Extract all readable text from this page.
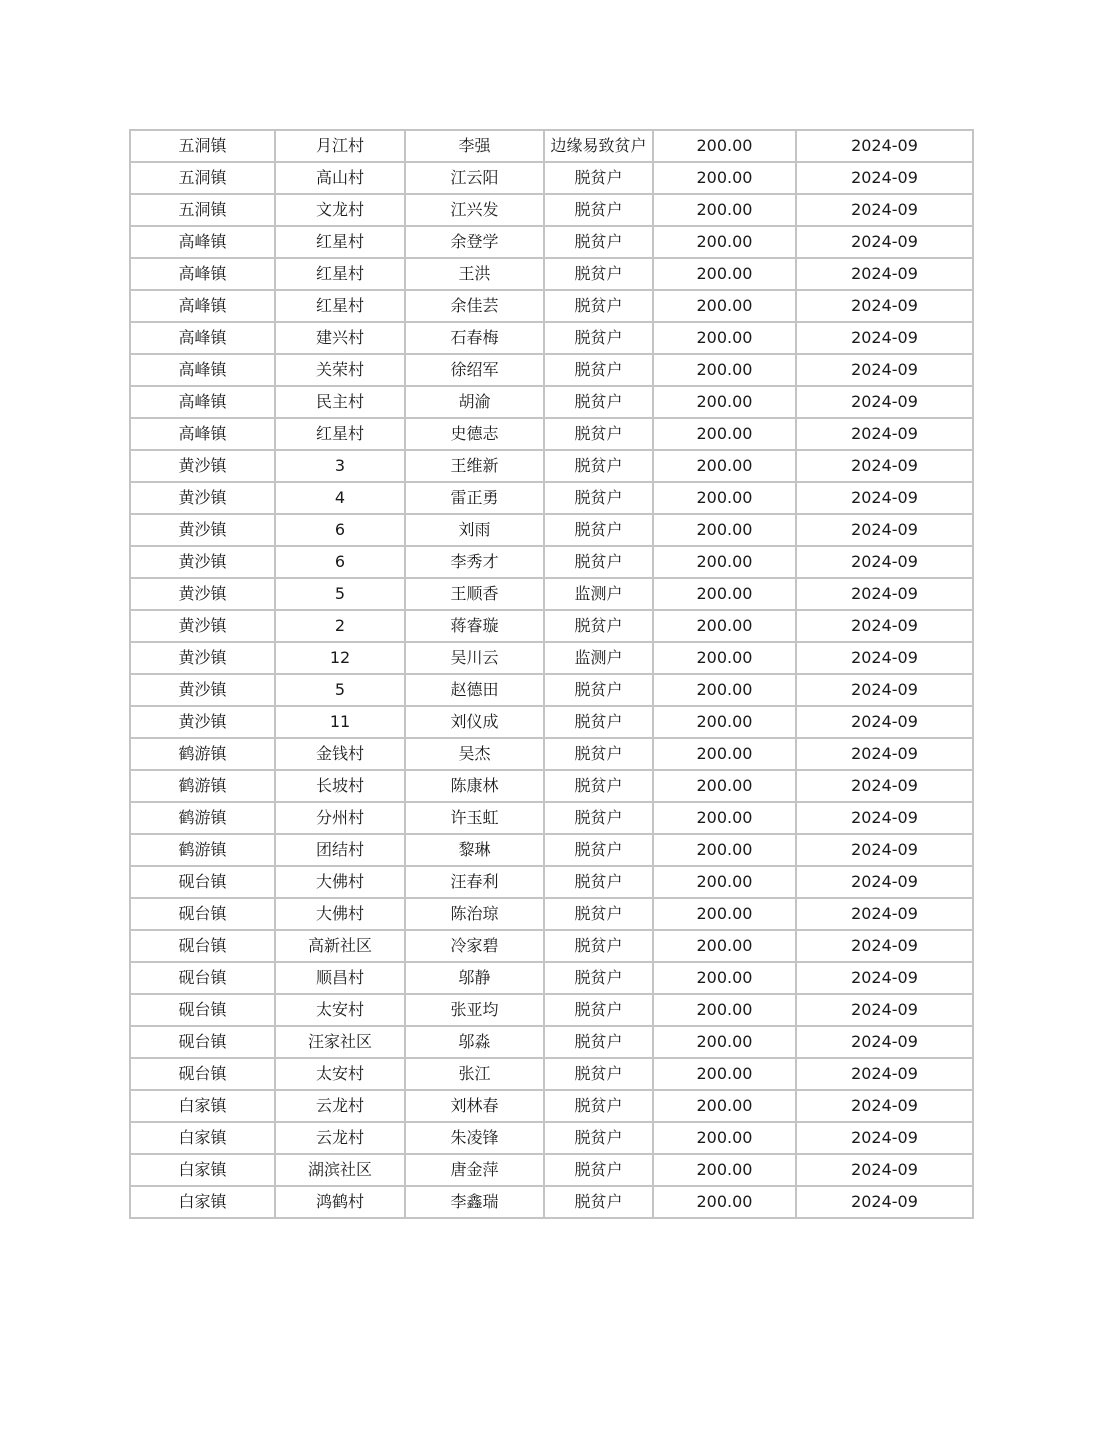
五洞镇	月江村	李强	边缘易致贫户	200.00	2024-09
五洞镇	高山村	江云阳	脱贫户	200.00	2024-09
五洞镇	文龙村	江兴发	脱贫户	200.00	2024-09
高峰镇	红星村	余登学	脱贫户	200.00	2024-09
高峰镇	红星村	王洪	脱贫户	200.00	2024-09
高峰镇	红星村	余佳芸	脱贫户	200.00	2024-09
高峰镇	建兴村	石春梅	脱贫户	200.00	2024-09
高峰镇	关荣村	徐绍军	脱贫户	200.00	2024-09
高峰镇	民主村	胡渝	脱贫户	200.00	2024-09
高峰镇	红星村	史德志	脱贫户	200.00	2024-09
黄沙镇	3	王维新	脱贫户	200.00	2024-09
黄沙镇	4	雷正勇	脱贫户	200.00	2024-09
黄沙镇	6	刘雨	脱贫户	200.00	2024-09
黄沙镇	6	李秀才	脱贫户	200.00	2024-09
黄沙镇	5	王顺香	监测户	200.00	2024-09
黄沙镇	2	蒋睿璇	脱贫户	200.00	2024-09
黄沙镇	12	吴川云	监测户	200.00	2024-09
黄沙镇	5	赵德田	脱贫户	200.00	2024-09
黄沙镇	11	刘仪成	脱贫户	200.00	2024-09
鹤游镇	金钱村	吴杰	脱贫户	200.00	2024-09
鹤游镇	长坡村	陈康林	脱贫户	200.00	2024-09
鹤游镇	分州村	许玉虹	脱贫户	200.00	2024-09
鹤游镇	团结村	黎琳	脱贫户	200.00	2024-09
砚台镇	大佛村	汪春利	脱贫户	200.00	2024-09
砚台镇	大佛村	陈治琼	脱贫户	200.00	2024-09
砚台镇	高新社区	冷家碧	脱贫户	200.00	2024-09
砚台镇	顺昌村	邬静	脱贫户	200.00	2024-09
砚台镇	太安村	张亚均	脱贫户	200.00	2024-09
砚台镇	汪家社区	邬淼	脱贫户	200.00	2024-09
砚台镇	太安村	张江	脱贫户	200.00	2024-09
白家镇	云龙村	刘林春	脱贫户	200.00	2024-09
白家镇	云龙村	朱凌锋	脱贫户	200.00	2024-09
白家镇	湖滨社区	唐金萍	脱贫户	200.00	2024-09
白家镇	鸿鹤村	李鑫瑞	脱贫户	200.00	2024-09
